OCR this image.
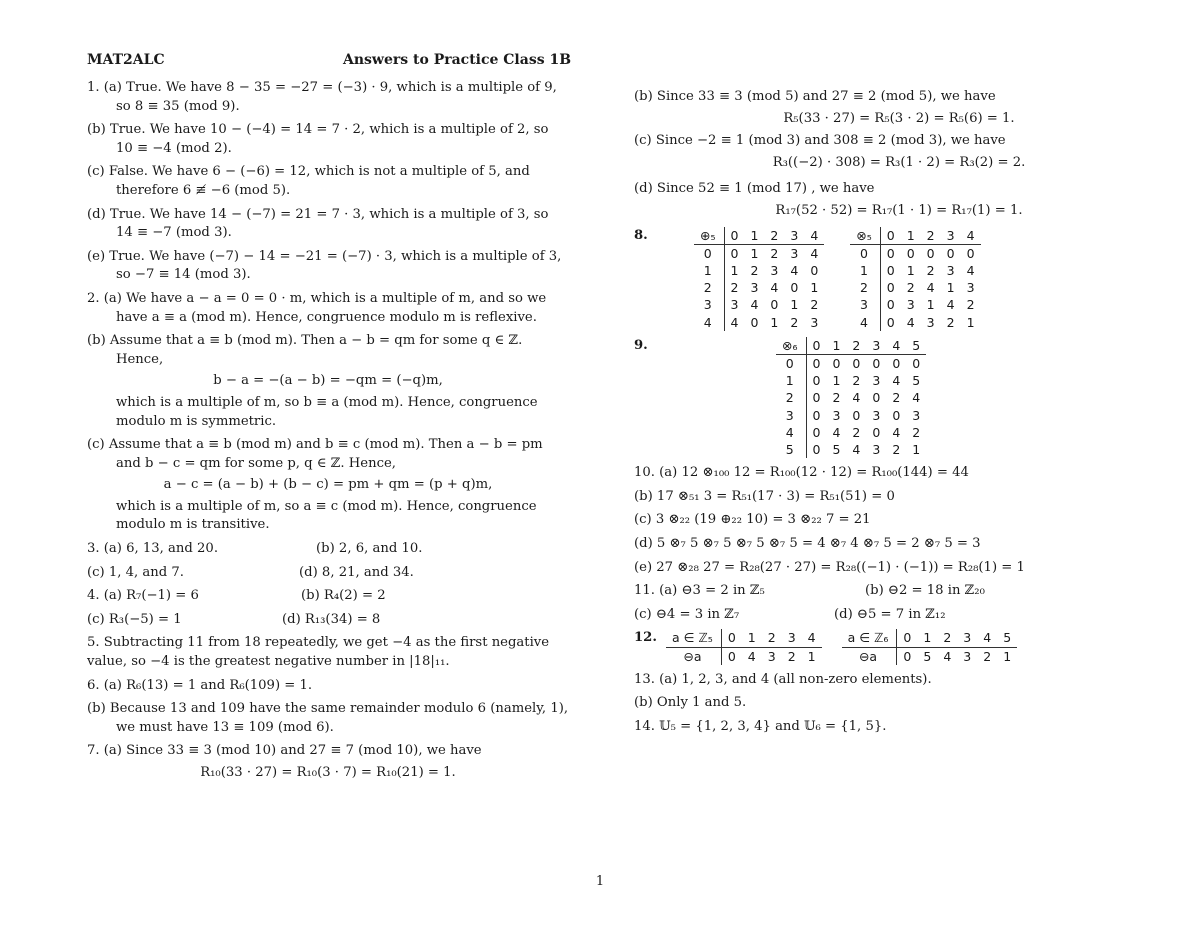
MAT2ALC	Answers to Practice Class 1B
1. (a) True. We have 8 − 35 = −27 = (−3) · 9, which is a multiple of 9, so 8 ≡ 35 (mod 9).
(b) True. We have 10 − (−4) = 14 = 7 · 2, which is a multiple of 2, so 10 ≡ −4 (mod 2).
(c) False. We have 6 − (−6) = 12, which is not a multiple of 5, and therefore 6 ≢ −6 (mod 5).
(d) True. We have 14 − (−7) = 21 = 7 · 3, which is a multiple of 3, so 14 ≡ −7 (mod 3).
(e) True. We have (−7) − 14 = −21 = (−7) · 3, which is a multiple of 3, so −7 ≡ 14 (mod 3).
2. (a) We have a − a = 0 = 0 · m, which is a multiple of m, and so we have a ≡ a (mod m). Hence, congruence modulo m is reflexive.
(b) Assume that a ≡ b (mod m). Then a − b = qm for some q ∈ ℤ. Hence,
b − a = −(a − b) = −qm = (−q)m,
which is a multiple of m, so b ≡ a (mod m). Hence, congruence modulo m is symmetric.
(c) Assume that a ≡ b (mod m) and b ≡ c (mod m). Then a − b = pm and b − c = qm for some p, q ∈ ℤ. Hence,
a − c = (a − b) + (b − c) = pm + qm = (p + q)m,
which is a multiple of m, so a ≡ c (mod m). Hence, congruence modulo m is transitive.
3. (a) 6, 13, and 20.	(b) 2, 6, and 10.
(c) 1, 4, and 7.	(d) 8, 21, and 34.
4. (a) R₇(−1) = 6	(b) R₄(2) = 2
(c) R₃(−5) = 1	(d) R₁₃(34) = 8
5. Subtracting 11 from 18 repeatedly, we get −4 as the first negative value, so −4 is the greatest negative number in |18|₁₁.
6. (a) R₆(13) = 1 and R₆(109) = 1.
(b) Because 13 and 109 have the same remainder modulo 6 (namely, 1), we must have 13 ≡ 109 (mod 6).
7. (a) Since 33 ≡ 3 (mod 10) and 27 ≡ 7 (mod 10), we have
R₁₀(33 · 27) = R₁₀(3 · 7) = R₁₀(21) = 1.
(b) Since 33 ≡ 3 (mod 5) and 27 ≡ 2 (mod 5), we have
R₅(33 · 27) = R₅(3 · 2) = R₅(6) = 1.
(c) Since −2 ≡ 1 (mod 3) and 308 ≡ 2 (mod 3), we have
R₃((−2) · 308) = R₃(1 · 2) = R₃(2) = 2.
(d) Since 52 ≡ 1 (mod 17) , we have
R₁₇(52 · 52) = R₁₇(1 · 1) = R₁₇(1) = 1.
8.	⊕₅	0	1	2	3	4
0	0	1	2	3	4
1	1	2	3	4	0
2	2	3	4	0	1
3	3	4	0	1	2
4	4	0	1	2	3
⊗₅	0	1	2	3	4
0	0	0	0	0	0
1	0	1	2	3	4
2	0	2	4	1	3
3	0	3	1	4	2
4	0	4	3	2	1
9.	⊗₆	0	1	2	3	4	5
0	0	0	0	0	0	0
1	0	1	2	3	4	5
2	0	2	4	0	2	4
3	0	3	0	3	0	3
4	0	4	2	0	4	2
5	0	5	4	3	2	1
10. (a) 12 ⊗₁₀₀ 12 = R₁₀₀(12 · 12) = R₁₀₀(144) = 44
(b) 17 ⊗₅₁ 3 = R₅₁(17 · 3) = R₅₁(51) = 0
(c) 3 ⊗₂₂ (19 ⊕₂₂ 10) = 3 ⊗₂₂ 7 = 21
(d) 5 ⊗₇ 5 ⊗₇ 5 ⊗₇ 5 ⊗₇ 5 = 4 ⊗₇ 4 ⊗₇ 5 = 2 ⊗₇ 5 = 3
(e) 27 ⊗₂₈ 27 = R₂₈(27 · 27) = R₂₈((−1) · (−1)) = R₂₈(1) = 1
11. (a) ⊖3 = 2 in ℤ₅	(b) ⊖2 = 18 in ℤ₂₀
(c) ⊖4 = 3 in ℤ₇	(d) ⊖5 = 7 in ℤ₁₂
12.	a ∈ ℤ₅	0	1	2	3	4
⊖a	0	4	3	2	1
a ∈ ℤ₆	0	1	2	3	4	5
⊖a	0	5	4	3	2	1
13. (a) 1, 2, 3, and 4 (all non-zero elements).
(b) Only 1 and 5.
14. 𝕌₅ = {1, 2, 3, 4} and 𝕌₆ = {1, 5}.
1
